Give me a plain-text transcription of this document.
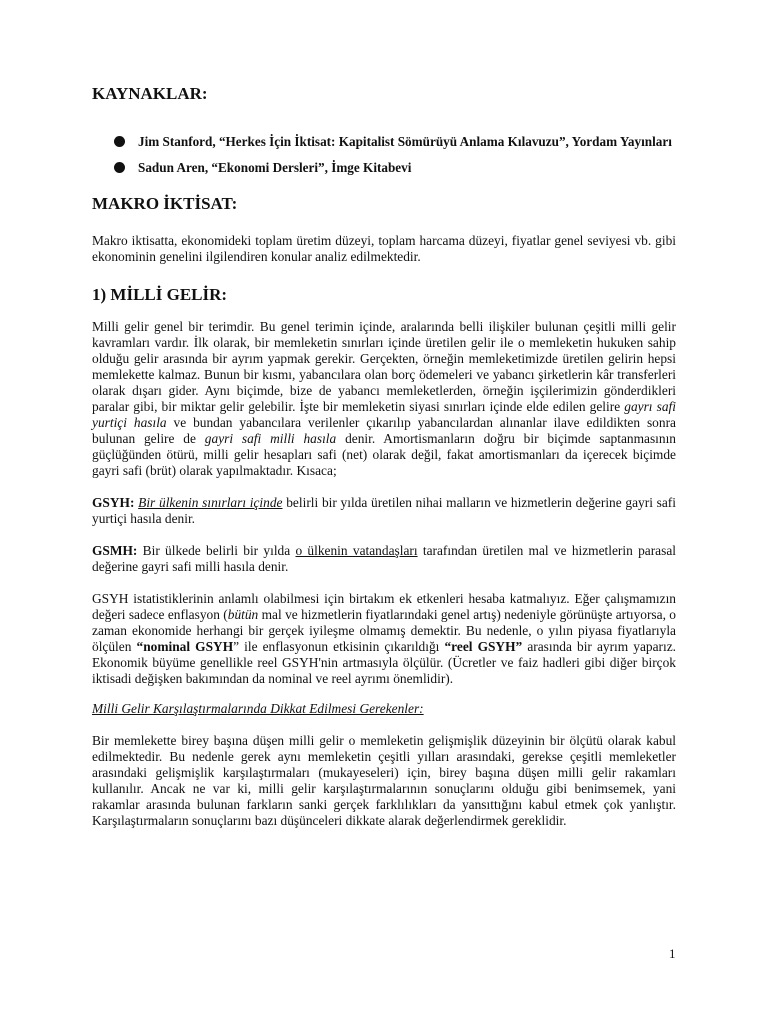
KAYNAKLAR:
Jim Stanford, “Herkes İçin İktisat: Kapitalist Sömürüyü Anlama Kılavuzu”, Yordam Yayınları
Sadun Aren, “Ekonomi Dersleri”, İmge Kitabevi
MAKRO İKTİSAT:

Makro iktisatta, ekonomideki toplam üretim düzeyi, toplam harcama düzeyi, fiyatlar genel seviyesi vb. gibi ekonominin genelini ilgilendiren konular analiz edilmektedir.

1) MİLLİ GELİR:

Milli gelir genel bir terimdir. Bu genel terimin içinde, aralarında belli ilişkiler bulunan çeşitli milli gelir kavramları vardır. İlk olarak, bir memleketin sınırları içinde üretilen gelir ile o memleketin hukuken sahip olduğu gelir arasında bir ayrım yapmak gerekir. Gerçekten, örneğin memleketimizde üretilen gelirin hepsi memlekette kalmaz. Bunun bir kısmı, yabancılara olan borç ödemeleri ve yabancı şirketlerin kâr transferleri olarak dışarı gider. Aynı biçimde, bize de yabancı memleketlerden, örneğin işçilerimizin gönderdikleri paralar gibi, bir miktar gelir gelebilir. İşte bir memleketin siyasi sınırları içinde elde edilen gelire gayrı safi yurtiçi hasıla ve bundan yabancılara verilenler çıkarılıp yabancılardan alınanlar ilave edildikten sonra bulunan gelire de gayri safi milli hasıla denir. Amortismanların doğru bir biçimde saptanmasının güçlüğünden ötürü, milli gelir hesapları safi (net) olarak değil, fakat amortismanları da içerecek biçimde gayri safi (brüt) olarak yapılmaktadır. Kısaca;

GSYH: Bir ülkenin sınırları içinde belirli bir yılda üretilen nihai malların ve hizmetlerin değerine gayri safi yurtiçi hasıla denir.

GSMH: Bir ülkede belirli bir yılda o ülkenin vatandaşları tarafından üretilen mal ve hizmetlerin parasal değerine gayri safi milli hasıla denir.

GSYH istatistiklerinin anlamlı olabilmesi için birtakım ek etkenleri hesaba katmalıyız. Eğer çalışmamızın değeri sadece enflasyon (bütün mal ve hizmetlerin fiyatlarındaki genel artış) nedeniyle görünüşte artıyorsa, o zaman ekonomide herhangi bir gerçek iyileşme olmamış demektir. Bu nedenle, o yılın piyasa fiyatlarıyla ölçülen “nominal GSYH” ile enflasyonun etkisinin çıkarıldığı “reel GSYH” arasında bir ayrım yaparız. Ekonomik büyüme genellikle reel GSYH'nin artmasıyla ölçülür. (Ücretler ve faiz hadleri gibi diğer birçok iktisadi değişken bakımından da nominal ve reel ayrımı önemlidir).

Milli Gelir Karşılaştırmalarında Dikkat Edilmesi Gerekenler:

Bir memlekette birey başına düşen milli gelir o memleketin gelişmişlik düzeyinin bir ölçütü olarak kabul edilmektedir. Bu nedenle gerek aynı memleketin çeşitli yılları arasındaki, gerekse çeşitli memleketler arasındaki gelişmişlik karşılaştırmaları (mukayeseleri) için, birey başına düşen milli gelir rakamları kullanılır. Ancak ne var ki, milli gelir karşılaştırmalarının sonuçlarını olduğu gibi benimsemek, yani rakamlar arasında bulunan farkların sanki gerçek farklılıkları da yansıttığını kabul etmek çok yanlıştır. Karşılaştırmaların sonuçlarını bazı düşünceleri dikkate alarak değerlendirmek gereklidir.

1
